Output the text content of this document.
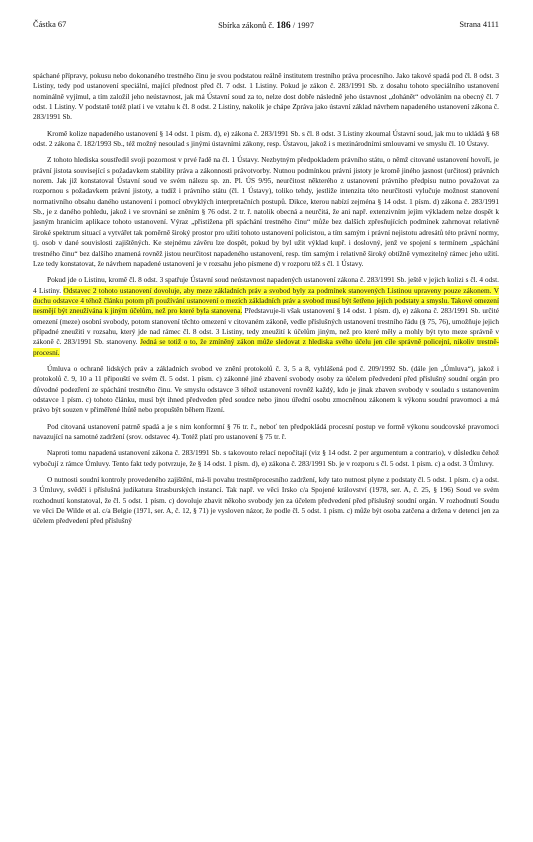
Částka 67	Sbírka zákonů č. 186 / 1997	Strana 4111

spáchané přípravy, pokusu nebo dokonaného trestného činu je svou podstatou reálně institutem trestního práva procesního. Jako takové spadá pod čl. 8 odst. 3 Listiny, tedy pod ustanovení speciální, mající přednost před čl. 7 odst. 1 Listiny. Pokud je zákon č. 283/1991 Sb. z dosahu tohoto speciálního ustanovení nominálně vyjímul, a tím založil jeho neústavnost, jak má Ústavní soud za to, nelze dost dobře následně jeho ústavnost „dohánět“ odvoláním na obecný čl. 7 odst. 1 Listiny. V podstatě totéž platí i ve vztahu k čl. 8 odst. 2 Listiny, nakolik je chápe Zpráva jako ústavní základ návrhem napadeného ustanovení zákona č. 283/1991 Sb.

Kromě kolize napadeného ustanovení § 14 odst. 1 písm. d), e) zákona č. 283/1991 Sb. s čl. 8 odst. 3 Listiny zkoumal Ústavní soud, jak mu to ukládá § 68 odst. 2 zákona č. 182/1993 Sb., též možný nesoulad s jinými ústavními zákony, resp. Ústavou, jakož i s mezinárodními smlouvami ve smyslu čl. 10 Ústavy.

Z tohoto hlediska soustředil svoji pozornost v prvé řadě na čl. 1 Ústavy. Nezbytným předpokladem právního státu, o němž citované ustanovení hovoří, je právní jistota související s požadavkem stability práva a zákonnosti právotvorby. Nutnou podmínkou právní jistoty je kromě jiného jasnost (určitost) právních norem. Jak již konstatoval Ústavní soud ve svém nálezu sp. zn. Pl. ÚS 9/95, neurčitost některého z ustanovení právního předpisu nutno považovat za rozpornou s požadavkem právní jistoty, a tudíž i právního státu (čl. 1 Ústavy), tolikо tehdy, jestliže intenzita této neurčitosti vylučuje možnost stanovení normativního obsahu daného ustanovení i pomocí obvyklých interpretačních postupů. Dikce, kterou nabízí zejména § 14 odst. 1 písm. d) zákona č. 283/1991 Sb., je z daného pohledu, jakož i ve srovnání se zněním § 76 odst. 2 tr. ř. natolik obecná a neurčitá, že ani např. extenzivním jejím výkladem nelze dospět k jasným hranicím aplikace tohoto ustanovení. Výraz „přistižena při spáchání trestného činu“ může bez dalších zpřesňujících podmínek zahrnovat relativně široké spektrum situací a vytvářet tak poměrně široký prostor pro užití tohoto ustanovení policistou, a tím samým i právní nejistotu adresátů této právní normy, tj. osob v dané souvislosti zajištěných. Ke stejnému závěru lze dospět, pokud by byl užit výklad kupř. i doslovný, jenž ve spojení s termínem „spáchání trestného činu“ bez dalšího znamená rovněž jistou neurčitost napadeného ustanovení, resp. tím samým i relativně široký obtížně vymezitelný rámec jeho užití. Lze tedy konstatovat, že návrhem napadené ustanovení je v rozsahu jeho písmene d) v rozporu též s čl. 1 Ústavy.

Pokud jde o Listinu, kromě čl. 8 odst. 3 spatřuje Ústavní soud neústavnost napadených ustanovení zákona č. 283/1991 Sb. ještě v jejich kolizi s čl. 4 odst. 4 Listiny. Odstavec 2 tohoto ustanovení dovoluje, aby meze základních práv a svobod byly za podmínek stanovených Listinou upraveny pouze zákonem. V duchu odstavce 4 téhož článku potom při používání ustanovení o mezích základních práv a svobod musí být šetřeno jejich podstaty a smyslu. Takové omezení nesmějí být zneužívána k jiným účelům, než pro které byla stanovena. Představuje-li však ustanovení § 14 odst. 1 písm. d), e) zákona č. 283/1991 Sb. určité omezení (meze) osobní svobody, potom stanovení těchto omezení v citovaném zákoně, vedle příslušných ustanovení trestního řádu (§ 75, 76), umožňuje jejich případné zneužití v rozsahu, který jde nad rámec čl. 8 odst. 3 Listiny, tedy zneužití k účelům jiným, než pro které měly a mohly být tyto meze správně v zákoně č. 283/1991 Sb. stanoveny. Jedná se totiž o to, že zmíněný zákon může sledovat z hlediska svého účelu jen cíle správně policejní, nikoliv trestně-procesní.

Úmluva o ochraně lidských práv a základních svobod ve znění protokolů č. 3, 5 a 8, vyhlášená pod č. 209/1992 Sb. (dále jen „Úmluva“), jakož i protokolů č. 9, 10 a 11 připouští ve svém čl. 5 odst. 1 písm. c) zákonné jiné zbavení svobody osoby za účelem předvedení před příslušný soudní orgán pro důvodné podezření ze spáchání trestného činu. Ve smyslu odstavce 3 téhož ustanovení rovněž každý, kdo je jinak zbaven svobody v souladu s ustanovením odstavce 1 písm. c) tohoto článku, musí být ihned předveden před soudce nebo jinou úřední osobu zmocněnou zákonem k výkonu soudní pravomoci a má právo být souzen v přiměřené lhůtě nebo propuštěn během řízení.

Pod citovaná ustanovení patrně spadá a je s nim konformní § 76 tr. ř., neboť ten předpokládá procesní postup ve formě výkonu soudcovské pravomoci navazující na samotné zadržení (srov. odstavec 4). Totéž platí pro ustanovení § 75 tr. ř.

Naproti tomu napadená ustanovení zákona č. 283/1991 Sb. s takovouto relací nepočítají (viz § 14 odst. 2 per argumentum a contrario), v důsledku čehož vybočují z rámce Úmluvy. Tento fakt tedy potvrzuje, že § 14 odst. 1 písm. d), e) zákona č. 283/1991 Sb. je v rozporu s čl. 5 odst. 1 písm. c) a odst. 3 Úmluvy.

O nutnosti soudní kontroly provedeného zajištění, má-li povahu trestněprocesního zadržení, kdy tato nutnost plyne z podstaty čl. 5 odst. 1 písm. c) a odst. 3 Úmluvy, svědčí i příslušná judikatura štrasburských instancí. Tak např. ve věci Irsko c/a Spojené království (1978, ser. A, č. 25, § 196) Soud ve svém rozhodnutí konstatoval, že čl. 5 odst. 1 písm. c) dovoluje zbavit někoho svobody jen za účelem předvedení před příslušný soudní orgán. V rozhodnutí Soudu ve věci De Wilde et al. c/a Belgie (1971, ser. A, č. 12, § 71) je vysloven názor, že podle čl. 5 odst. 1 písm. c) může být osoba zatčena a držena v detenci jen za účelem předvedení před příslušný
